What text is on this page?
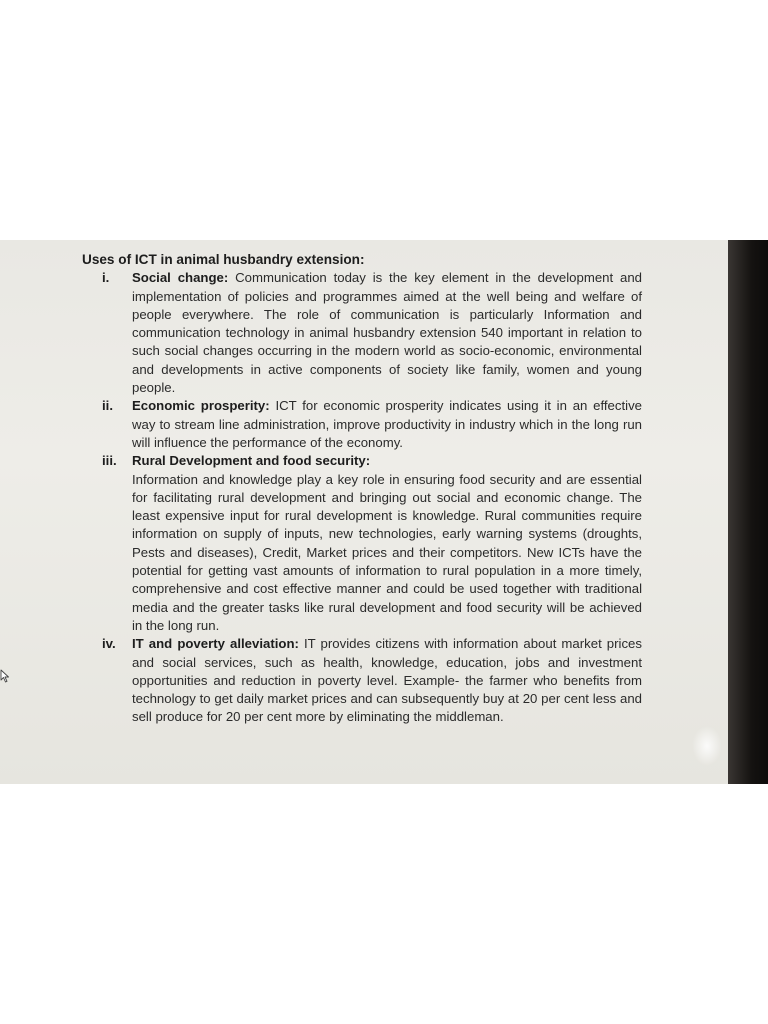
Uses of ICT in animal husbandry extension:
i. Social change: Communication today is the key element in the development and implementation of policies and programmes aimed at the well being and welfare of people everywhere. The role of communication is particularly Information and communication technology in animal husbandry extension 540 important in relation to such social changes occurring in the modern world as socio-economic, environmental and developments in active components of society like family, women and young people.
ii. Economic prosperity: ICT for economic prosperity indicates using it in an effective way to stream line administration, improve productivity in industry which in the long run will influence the performance of the economy.
iii. Rural Development and food security:
Information and knowledge play a key role in ensuring food security and are essential for facilitating rural development and bringing out social and economic change. The least expensive input for rural development is knowledge. Rural communities require information on supply of inputs, new technologies, early warning systems (droughts, Pests and diseases), Credit, Market prices and their competitors. New ICTs have the potential for getting vast amounts of information to rural population in a more timely, comprehensive and cost effective manner and could be used together with traditional media and the greater tasks like rural development and food security will be achieved in the long run.
iv. IT and poverty alleviation: IT provides citizens with information about market prices and social services, such as health, knowledge, education, jobs and investment opportunities and reduction in poverty level. Example- the farmer who benefits from technology to get daily market prices and can subsequently buy at 20 per cent less and sell produce for 20 per cent more by eliminating the middleman.
